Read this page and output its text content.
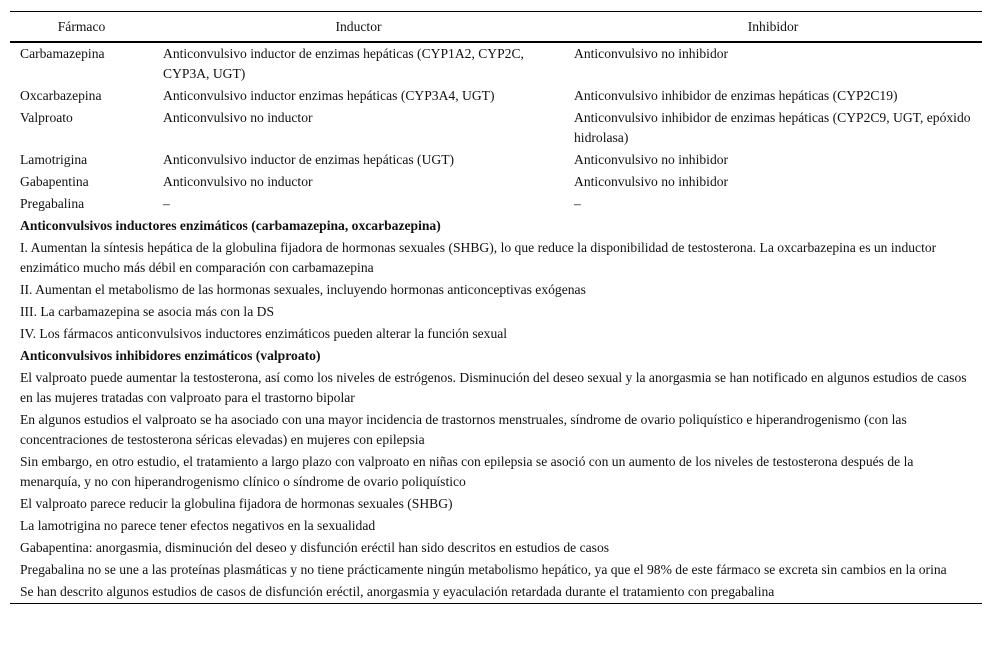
Fármaco	Inductor	Inhibidor
Carbamazepina	Anticonvulsivo inductor de enzimas hepáticas (CYP1A2, CYP2C, CYP3A, UGT)	Anticonvulsivo no inhibidor
Oxcarbazepina	Anticonvulsivo inductor enzimas hepáticas (CYP3A4, UGT)	Anticonvulsivo inhibidor de enzimas hepáticas (CYP2C19)
Valproato	Anticonvulsivo no inductor	Anticonvulsivo inhibidor de enzimas hepáticas (CYP2C9, UGT, epóxido hidrolasa)
Lamotrigina	Anticonvulsivo inductor de enzimas hepáticas (UGT)	Anticonvulsivo no inhibidor
Gabapentina	Anticonvulsivo no inductor	Anticonvulsivo no inhibidor
Pregabalina	–	–
Anticonvulsivos inductores enzimáticos (carbamazepina, oxcarbazepina)		
I. Aumentan la síntesis hepática de la globulina fijadora de hormonas sexuales (SHBG), lo que reduce la disponibilidad de testosterona. La oxcarbazepina es un inductor enzimático mucho más débil en comparación con carbamazepina		
II. Aumentan el metabolismo de las hormonas sexuales, incluyendo hormonas anticonceptivas exógenas		
III. La carbamazepina se asocia más con la DS		
IV. Los fármacos anticonvulsivos inductores enzimáticos pueden alterar la función sexual		
Anticonvulsivos inhibidores enzimáticos (valproato)		
El valproato puede aumentar la testosterona, así como los niveles de estrógenos. Disminución del deseo sexual y la anorgasmia se han notificado en algunos estudios de casos en las mujeres tratadas con valproato para el trastorno bipolar		
En algunos estudios el valproato se ha asociado con una mayor incidencia de trastornos menstruales, síndrome de ovario poliquístico e hiperandrogenismo (con las concentraciones de testosterona séricas elevadas) en mujeres con epilepsia		
Sin embargo, en otro estudio, el tratamiento a largo plazo con valproato en niñas con epilepsia se asoció con un aumento de los niveles de testosterona después de la menarquía, y no con hiperandrogenismo clínico o síndrome de ovario poliquístico		
El valproato parece reducir la globulina fijadora de hormonas sexuales (SHBG)		
La lamotrigina no parece tener efectos negativos en la sexualidad		
Gabapentina: anorgasmia, disminución del deseo y disfunción eréctil han sido descritos en estudios de casos		
Pregabalina no se une a las proteínas plasmáticas y no tiene prácticamente ningún metabolismo hepático, ya que el 98% de este fármaco se excreta sin cambios en la orina		
Se han descrito algunos estudios de casos de disfunción eréctil, anorgasmia y eyaculación retardada durante el tratamiento con pregabalina		
